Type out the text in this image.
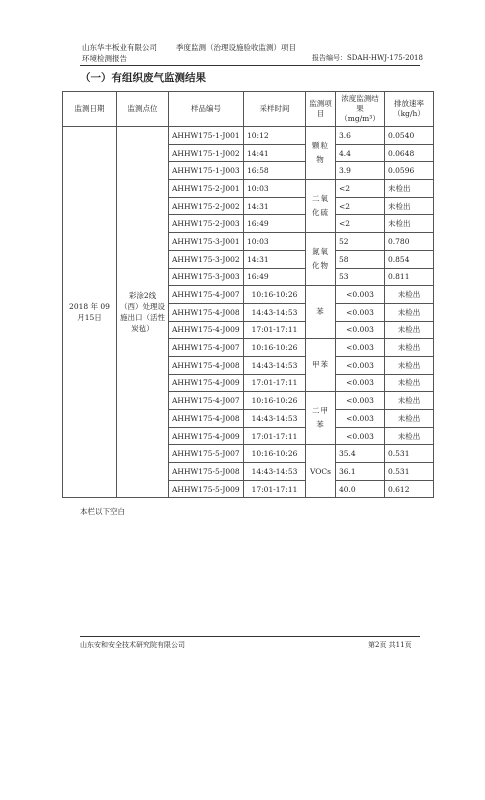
山东华丰板业有限公司
环境检测报告
季度监测（治理设施验收监测）项目
报告编号：SDAH-HWJ-175-2018
（一）有组织废气监测结果
监测日期	监测点位	样品编号	采样时间	监测项目	浓度监测结果（mg/m³）	排放速率（kg/h）
2018 年 09 月15日	彩涂2线（西）处理设施出口（活性炭毡）	AHHW175-1-J001	10:12	颗粒物	3.6	0.0540
		AHHW175-1-J002	14:41		4.4	0.0648
		AHHW175-1-J003	16:58		3.9	0.0596
		AHHW175-2-J001	10:03	二氧化硫	<2	未检出
		AHHW175-2-J002	14:31		<2	未检出
		AHHW175-2-J003	16:49		<2	未检出
		AHHW175-3-J001	10:03	氮氧化物	52	0.780
		AHHW175-3-J002	14:31		58	0.854
		AHHW175-3-J003	16:49		53	0.811
		AHHW175-4-J007	10:16-10:26	苯	<0.003	未检出
		AHHW175-4-J008	14:43-14:53		<0.003	未检出
		AHHW175-4-J009	17:01-17:11		<0.003	未检出
		AHHW175-4-J007	10:16-10:26	甲苯	<0.003	未检出
		AHHW175-4-J008	14:43-14:53		<0.003	未检出
		AHHW175-4-J009	17:01-17:11		<0.003	未检出
		AHHW175-4-J007	10:16-10:26	二甲苯	<0.003	未检出
		AHHW175-4-J008	14:43-14:53		<0.003	未检出
		AHHW175-4-J009	17:01-17:11		<0.003	未检出
		AHHW175-5-J007	10:16-10:26	VOCs	35.4	0.531
		AHHW175-5-J008	14:43-14:53		36.1	0.531
		AHHW175-5-J009	17:01-17:11		40.0	0.612
本栏以下空白
山东安和安全技术研究院有限公司	第2页 共11页
